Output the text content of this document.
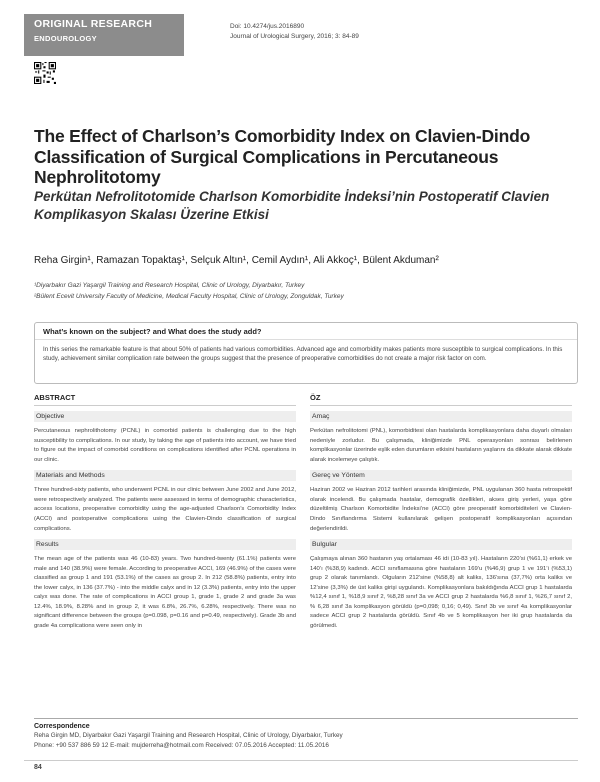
ORIGINAL RESEARCH
ENDOUROLOGY
Doi: 10.4274/jus.2016890
Journal of Urological Surgery, 2016; 3: 84-89
The Effect of Charlson’s Comorbidity Index on Clavien-Dindo Classification of Surgical Complications in Percutaneous Nephrolitotomy
Perkütan Nefrolitotomide Charlson Komorbidite İndeksi’nin Postoperatif Clavien Komplikasyon Skalası Üzerine Etkisi
Reha Girgin¹, Ramazan Topaktaş¹, Selçuk Altın¹, Cemil Aydın¹, Ali Akkoç¹, Bülent Akduman²
¹Diyarbakır Gazi Yaşargil Training and Research Hospital, Clinic of Urology, Diyarbakır, Turkey
²Bülent Ecevit University Faculty of Medicine, Medical Faculty Hospital, Clinic of Urology, Zonguldak, Turkey
What’s known on the subject? and What does the study add?
In this series the remarkable feature is that about 50% of patients had various comorbidities. Advanced age and comorbidity makes patients more susceptible to surgical complications. In this study, achievement similar complication rate between the groups suggest that the presence of preoperative comorbidities do not create a major risk factor on com.
ABSTRACT
Objective

Percutaneous nephrolithotomy (PCNL) in comorbid patients is challenging due to the high susceptibility to complications. In our study, by taking the age of patients into account, we have tried to figure out the impact of comorbid conditions on complications identified after PCNL operations in our clinic.

Materials and Methods

Three hundred-sixty patients, who underwent PCNL in our clinic between June 2002 and June 2012, were retrospectively analyzed. The patients were assessed in terms of demographic characteristics, access locations, preoperative comorbidity using the age-adjusted Charlson’s Comorbidity Index (ACCI) and postoperative complications using the Clavien-Dindo classification of surgical complications.

Results

The mean age of the patients was 46 (10-83) years. Two hundred-twenty (61.1%) patients were male and 140 (38.9%) were female. According to preoperative ACCI, 169 (46.9%) of the cases were classified as group 1 and 191 (53.1%) of the cases as group 2. In 212 (58.8%) patients, entry into the lower calyx, in 136 (37.7%) - into the middle calyx and in 12 (3.3%) patients, entry into the upper calyx was done. The rate of complications in ACCI group 1, grade 1, grade 2 and grade 3a was 12.4%, 18.9%, 8.28% and in group 2, it was 6.8%, 26.7%, 6.28%, respectively. There was no significant difference between the groups (p=0.098, p=0.16 and p=0.49, respectively). Grade 3b and grade 4a complications were seen only in

ÖZ
Amaç

Perkütan nefrolitotomi (PNL), komorbiditesi olan hastalarda komplikasyonlara daha duyarlı olmaları nedeniyle zorludur. Bu çalışmada, kliniğimizde PNL operasyonları sonrası belirlenen komplikasyonlar üzerinde eşlik eden durumların etkisini hastaların yaşlarını da dikkate alarak dikkate alarak incelemeye çalıştık.

Gereç ve Yöntem

Haziran 2002 ve Haziran 2012 tarihleri arasında kliniğimizde, PNL uygulanan 360 hasta retrospektif olarak incelendi. Bu çalışmada hastalar, demografik özellikleri, akses giriş yerleri, yaşa göre düzeltilmiş Charlson Komorbidite İndeksi’ne (ACCI) göre preoperatif komorbiditeleri ve Clavien-Dindo Sınıflandırma Sistemi kullanılarak gelişen postoperatif komplikasyonları açısından değerlendirildi.

Bulgular

Çalışmaya alınan 360 hastanın yaş ortalaması 46 idi (10-83 yıl). Hastaların 220’si (%61,1) erkek ve 140’ı (%38,9) kadındı. ACCI sınıflamasına göre hastaların 169’u (%46,9) grup 1 ve 191’i (%53,1) grup 2 olarak tanımlandı. Olguların 212’sine (%58,8) alt kaliks, 136’sına (37,7%) orta kaliks ve 12’sine (3,3%) de üst kaliks girişi uygulandı. Komplikasyonlara bakıldığında ACCI grup 1 hastalarda %12,4 sınıf 1, %18,9 sınıf 2, %8,28 sınıf 3a ve ACCI grup 2 hastalarda %6,8 sınıf 1, %26,7 sınıf 2, % 6,28 sınıf 3a komplikasyon görüldü (p=0,098; 0,16; 0,49). Sınıf 3b ve sınıf 4a komplikasyonlar sadece ACCI grup 2 hastalarda görüldü. Sınıf 4b ve 5 komplikasyon her iki grup hastalarda da görülmedi.

Correspondence
Reha Girgin MD, Diyarbakır Gazi Yaşargil Training and Research Hospital, Clinic of Urology, Diyarbakır, Turkey
Phone: +90 537 886 59 12 E-mail: mujderreha@hotmail.com Received: 07.05.2016 Accepted: 11.05.2016
84
